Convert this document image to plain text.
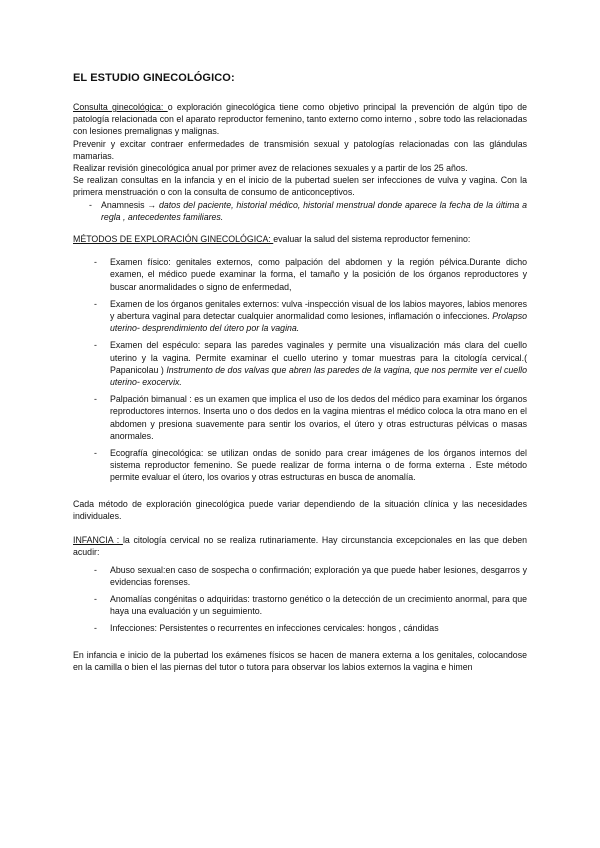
EL ESTUDIO GINECOLÓGICO:

Consulta ginecológica: o exploración ginecológica tiene como objetivo principal la prevención de algún tipo de patología relacionada con el aparato reproductor femenino, tanto externo como interno , sobre todo las relacionadas con lesiones premalignas y malignas.

Prevenir y excitar contraer enfermedades de transmisión sexual y patologías relacionadas con las glándulas mamarias.

Realizar revisión ginecológica anual por primer avez de relaciones sexuales y a partir de los 25 años.

Se realizan consultas en la infancia y en el inicio de la pubertad suelen ser infecciones de vulva y vagina. Con la primera menstruación o con la consulta de consumo de anticonceptivos.

- Anamnesis → datos del paciente, historial médico, historial menstrual donde aparece la fecha de la última a regla , antecedentes familiares.

MÉTODOS DE EXPLORACIÓN GINECOLÓGICA: evaluar la salud del sistema reproductor femenino:

- Examen físico: genitales externos, como palpación del abdomen y la región pélvica.Durante dicho examen, el médico puede examinar la forma, el tamaño y la posición de los órganos reproductores y buscar anormalidades o signo de enfermedad,
- Examen de los órganos genitales externos: vulva -inspección visual de los labios mayores, labios menores y abertura vaginal para detectar cualquier anormalidad como lesiones, inflamación o infecciones. Prolapso uterino- desprendimiento del útero por la vagina.
- Examen del espéculo: separa las paredes vaginales y permite una visualización más clara del cuello uterino y la vagina. Permite examinar el cuello uterino y tomar muestras para la citología cervical.( Papanicolau ) Instrumento de dos valvas que abren las paredes de la vagina, que nos permite ver el cuello uterino- exocervix.
- Palpación bimanual : es un examen que implica el uso de los dedos del médico para examinar los órganos reproductores internos. Inserta uno o dos dedos en la vagina mientras el médico coloca la otra mano en el abdomen y presiona suavemente para sentir los ovarios, el útero y otras estructuras pélvicas o masas anormales.
- Ecografía ginecológica: se utilizan ondas de sonido para crear imágenes de los órganos internos del sistema reproductor femenino. Se puede realizar de forma interna o de forma externa . Este método permite evaluar el útero, los ovarios y otras estructuras en busca de anomalía.

Cada método de exploración ginecológica puede variar dependiendo de la situación clínica y las necesidades individuales.

INFANCIA : la citología cervical no se realiza rutinariamente. Hay circunstancia excepcionales en las que deben acudir:

- Abuso sexual:en caso de sospecha o confirmación; exploración ya que puede haber lesiones, desgarros y evidencias forenses.
- Anomalías congénitas o adquiridas: trastorno genético o la detección de un crecimiento anormal, para que haya una evaluación y un seguimiento.
- Infecciones: Persistentes o recurrentes en infecciones cervicales: hongos , cándidas

En infancia e inicio de la pubertad los exámenes físicos se hacen de manera externa a los genitales, colocandose en la camilla o bien el las piernas del tutor o tutora para observar los labios externos la vagina e himen
